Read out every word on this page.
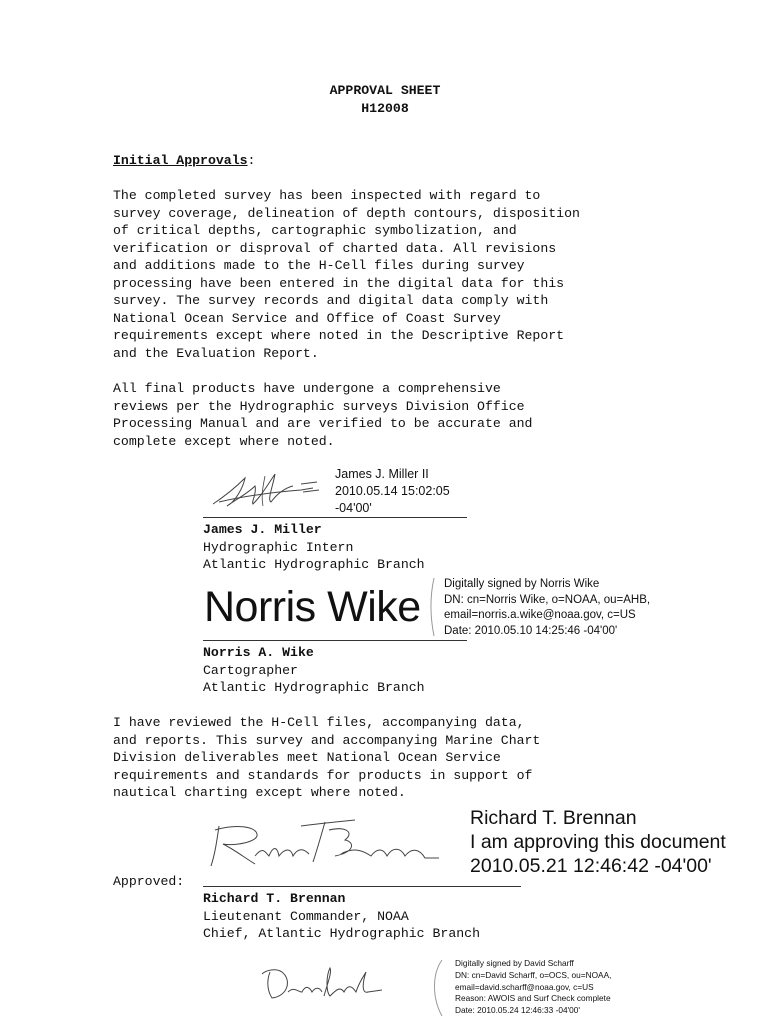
APPROVAL SHEET
H12008
Initial Approvals:
The completed survey has been inspected with regard to
survey coverage, delineation of depth contours, disposition
of critical depths, cartographic symbolization, and
verification or disproval of charted data. All revisions
and additions made to the H-Cell files during survey
processing have been entered in the digital data for this
survey. The survey records and digital data comply with
National Ocean Service and Office of Coast Survey
requirements except where noted in the Descriptive Report
and the Evaluation Report.
All final products have undergone a comprehensive
reviews per the Hydrographic surveys Division Office
Processing Manual and are verified to be accurate and
complete except where noted.
James J. Miller II
2010.05.14 15:02:05
-04'00'
James J. Miller
Hydrographic Intern
Atlantic Hydrographic Branch
Norris Wike Digitally signed by Norris Wike
DN: cn=Norris Wike, o=NOAA, ou=AHB,
email=norris.a.wike@noaa.gov, c=US
Date: 2010.05.10 14:25:46 -04'00'
Norris A. Wike
Cartographer
Atlantic Hydrographic Branch
I have reviewed the H-Cell files, accompanying data,
and reports. This survey and accompanying Marine Chart
Division deliverables meet National Ocean Service
requirements and standards for products in support of
nautical charting except where noted.
Richard T. Brennan
I am approving this document
2010.05.21 12:46:42 -04'00'
Approved:
Richard T. Brennan
Lieutenant Commander, NOAA
Chief, Atlantic Hydrographic Branch
Digitally signed by David Scharff
DN: cn=David Scharff, o=OCS, ou=NOAA,
email=david.scharff@noaa.gov, c=US
Reason: AWOIS and Surf Check complete
Date: 2010.05.24 12:46:33 -04'00'
